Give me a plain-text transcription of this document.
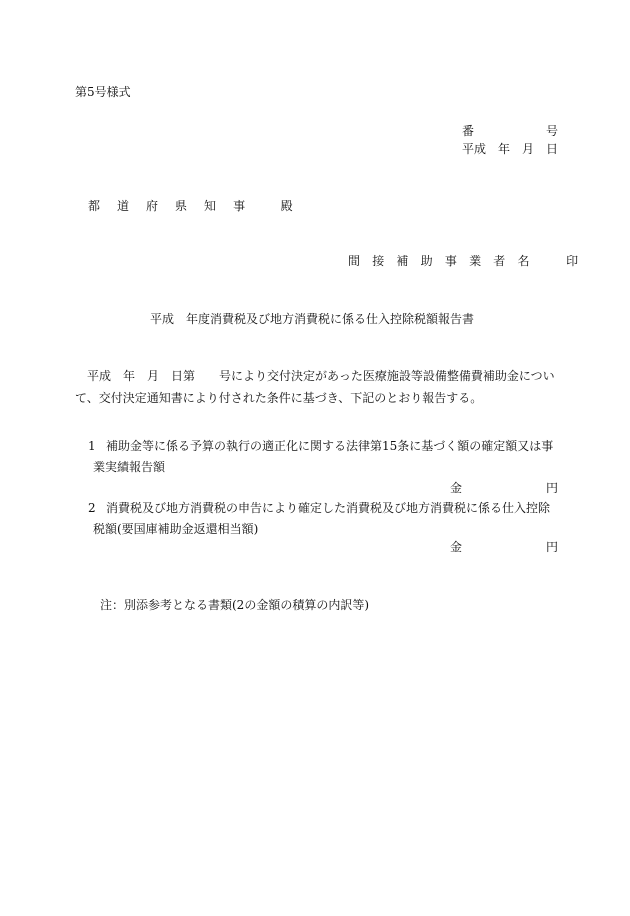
第5号様式
番　　　　　　号
平成　年　月　日
都 道 府 県 知 事　 殿
間 接 補 助 事 業 者 名　　印
平成　年度消費税及び地方消費税に係る仕入控除税額報告書
平成　年　月　日第　　号により交付決定があった医療施設等設備整備費補助金につい
て、交付決定通知書により付された条件に基づき、下記のとおり報告する。
1 補助金等に係る予算の執行の適正化に関する法律第15条に基づく額の確定額又は事
業実績報告額
金　　　　　　　円
2 消費税及び地方消費税の申告により確定した消費税及び地方消費税に係る仕入控除
税額(要国庫補助金返還相当額)
金　　　　　　　円
注：別添参考となる書類(2の金額の積算の内訳等)
